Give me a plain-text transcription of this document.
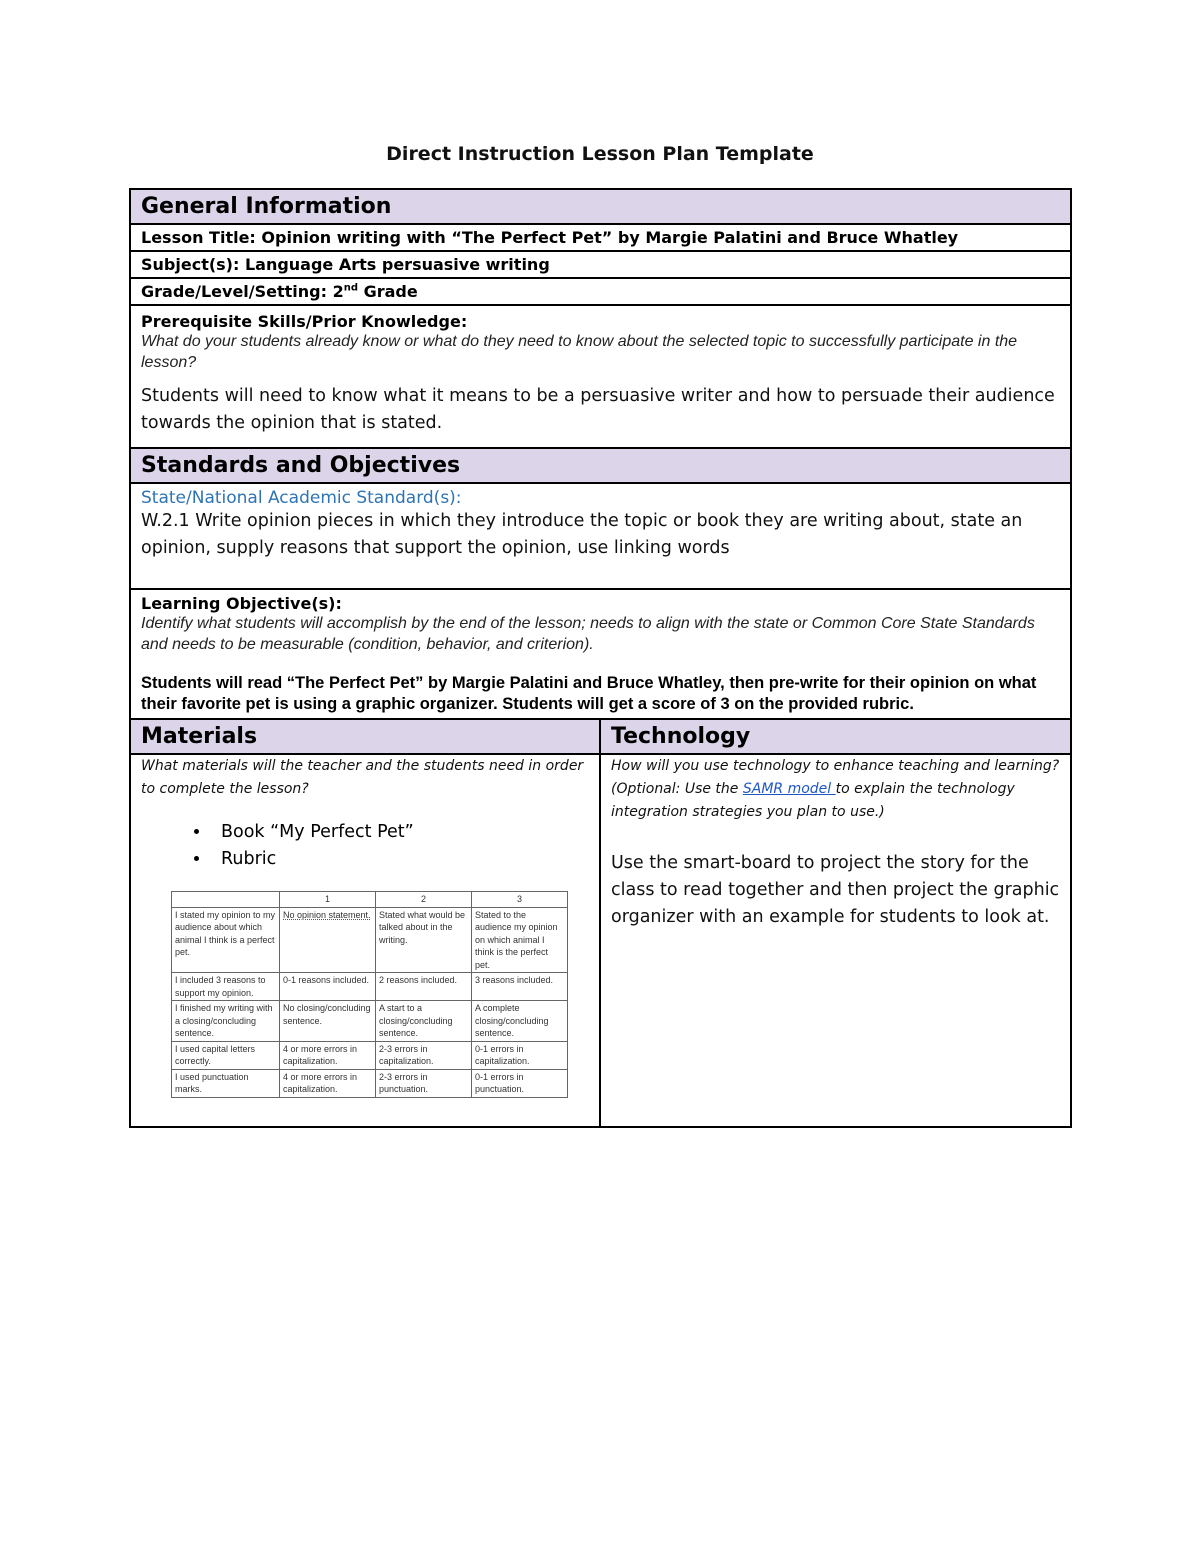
Direct Instruction Lesson Plan Template
General Information
Lesson Title: Opinion writing with “The Perfect Pet” by Margie Palatini and Bruce Whatley
Subject(s): Language Arts persuasive writing
Grade/Level/Setting: 2nd Grade

Prerequisite Skills/Prior Knowledge:
What do your students already know or what do they need to know about the selected topic to successfully participate in the lesson?
Students will need to know what it means to be a persuasive writer and how to persuade their audience towards the opinion that is stated.

Standards and Objectives

State/National Academic Standard(s):
W.2.1 Write opinion pieces in which they introduce the topic or book they are writing about, state an opinion, supply reasons that support the opinion, use linking words

Learning Objective(s):
Identify what students will accomplish by the end of the lesson; needs to align with the state or Common Core State Standards and needs to be measurable (condition, behavior, and criterion).
Students will read “The Perfect Pet” by Margie Palatini and Bruce Whatley, then pre-write for their opinion on what their favorite pet is using a graphic organizer. Students will get a score of 3 on the provided rubric.

Materials	Technology

What materials will the teacher and the students need in order to complete the lesson?
• Book “My Perfect Pet”
• Rubric
	1	2	3
I stated my opinion to my audience about which animal I think is a perfect pet.	No opinion statement.	Stated what would be talked about in the writing.	Stated to the audience my opinion on which animal I think is the perfect pet.
I included 3 reasons to support my opinion.	0-1 reasons included.	2 reasons included.	3 reasons included.
I finished my writing with a closing/concluding sentence.	No closing/concluding sentence.	A start to a closing/concluding sentence.	A complete closing/concluding sentence.
I used capital letters correctly.	4 or more errors in capitalization.	2-3 errors in capitalization.	0-1 errors in capitalization.
I used punctuation marks.	4 or more errors in capitalization.	2-3 errors in punctuation.	0-1 errors in punctuation.

How will you use technology to enhance teaching and learning? (Optional: Use the SAMR model to explain the technology integration strategies you plan to use.)
Use the smart-board to project the story for the class to read together and then project the graphic organizer with an example for students to look at.
